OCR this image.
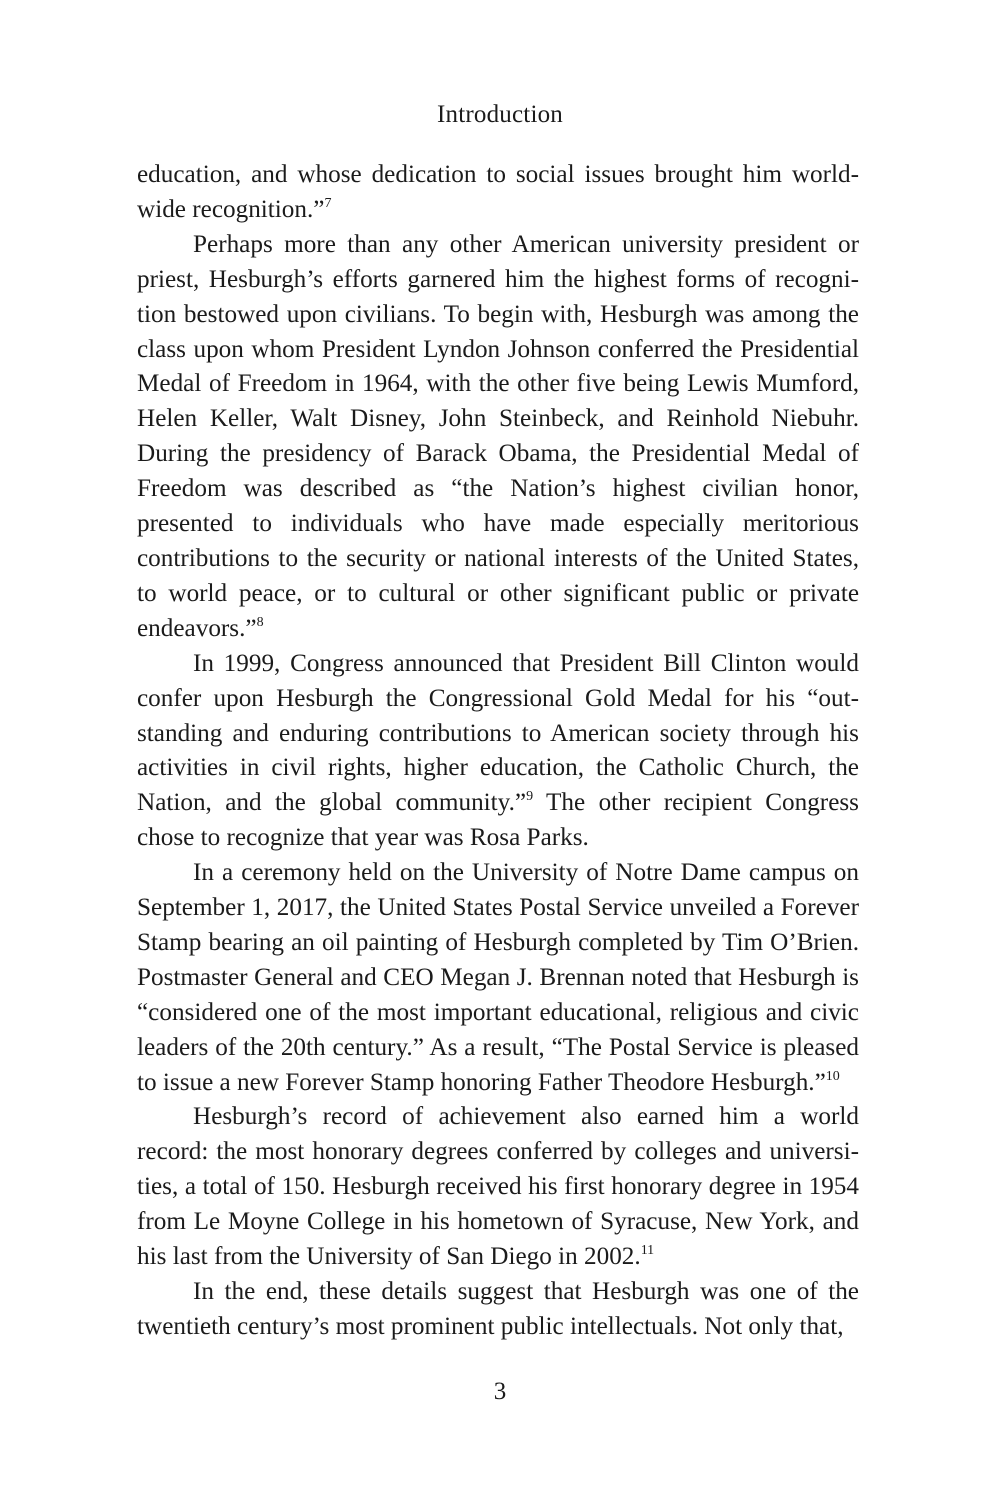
Introduction

education, and whose dedication to social issues brought him world-wide recognition.”$^7$

Perhaps more than any other American university president or priest, Hesburgh’s efforts garnered him the highest forms of recognition bestowed upon civilians. To begin with, Hesburgh was among the class upon whom President Lyndon Johnson conferred the Presidential Medal of Freedom in 1964, with the other five being Lewis Mumford, Helen Keller, Walt Disney, John Steinbeck, and Reinhold Niebuhr. During the presidency of Barack Obama, the Presidential Medal of Freedom was described as “the Nation’s highest civilian honor, presented to individuals who have made especially meritorious contributions to the security or national interests of the United States, to world peace, or to cultural or other significant public or private endeavors.”$^8$

In 1999, Congress announced that President Bill Clinton would confer upon Hesburgh the Congressional Gold Medal for his “outstanding and enduring contributions to American society through his activities in civil rights, higher education, the Catholic Church, the Nation, and the global community.”$^9$ The other recipient Congress chose to recognize that year was Rosa Parks.

In a ceremony held on the University of Notre Dame campus on September 1, 2017, the United States Postal Service unveiled a Forever Stamp bearing an oil painting of Hesburgh completed by Tim O’Brien. Postmaster General and CEO Megan J. Brennan noted that Hesburgh is “considered one of the most important educational, religious and civic leaders of the 20th century.” As a result, “The Postal Service is pleased to issue a new Forever Stamp honoring Father Theodore Hesburgh.”$^{10}$

Hesburgh’s record of achievement also earned him a world record: the most honorary degrees conferred by colleges and universities, a total of 150. Hesburgh received his first honorary degree in 1954 from Le Moyne College in his hometown of Syracuse, New York, and his last from the University of San Diego in 2002.11

In the end, these details suggest that Hesburgh was one of the twentieth century’s most prominent public intellectuals. Not only that,

3
